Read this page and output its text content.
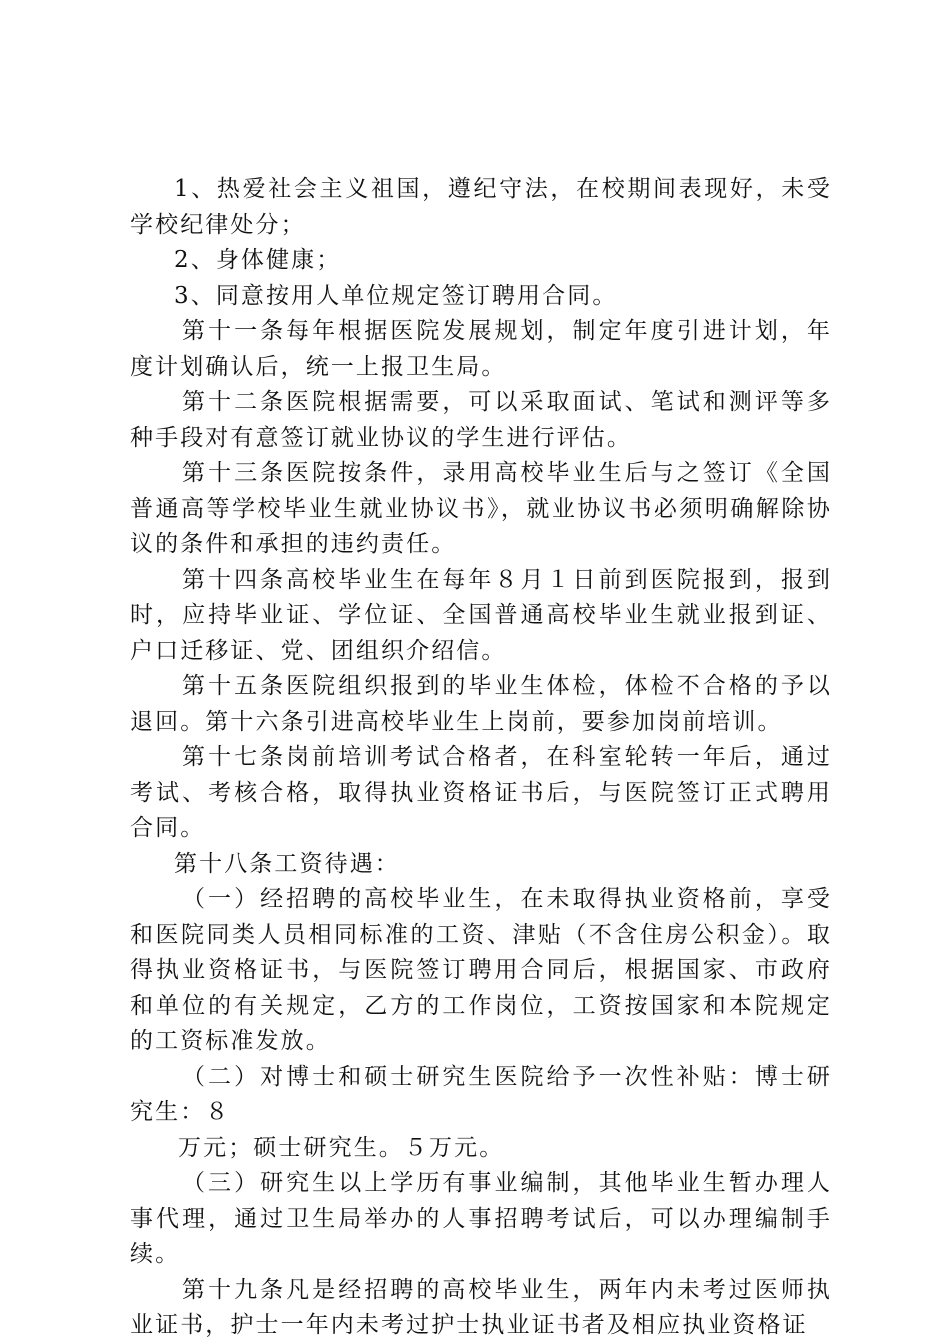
1、热爱社会主义祖国，遵纪守法，在校期间表现好，未受学校纪律处分；

2、身体健康；

3、同意按用人单位规定签订聘用合同。

第十一条每年根据医院发展规划，制定年度引进计划，年度计划确认后，统一上报卫生局。

第十二条医院根据需要，可以采取面试、笔试和测评等多种手段对有意签订就业协议的学生进行评估。

第十三条医院按条件，录用高校毕业生后与之签订《全国普通高等学校毕业生就业协议书》，就业协议书必须明确解除协议的条件和承担的违约责任。

第十四条高校毕业生在每年８月１日前到医院报到，报到时，应持毕业证、学位证、全国普通高校毕业生就业报到证、户口迁移证、党、团组织介绍信。

第十五条医院组织报到的毕业生体检，体检不合格的予以退回。第十六条引进高校毕业生上岗前，要参加岗前培训。

第十七条岗前培训考试合格者，在科室轮转一年后，通过考试、考核合格，取得执业资格证书后，与医院签订正式聘用合同。

第十八条工资待遇：

（一）经招聘的高校毕业生，在未取得执业资格前，享受和医院同类人员相同标准的工资、津贴（不含住房公积金）。取得执业资格证书，与医院签订聘用合同后，根据国家、市政府和单位的有关规定，乙方的工作岗位，工资按国家和本院规定的工资标准发放。

（二）对博士和硕士研究生医院给予一次性补贴：博士研究生：８

万元；硕士研究生。５万元。

（三）研究生以上学历有事业编制，其他毕业生暂办理人事代理，通过卫生局举办的人事招聘考试后，可以办理编制手续。

第十九条凡是经招聘的高校毕业生，两年内未考过医师执业证书，护士一年内未考过护士执业证书者及相应执业资格证
